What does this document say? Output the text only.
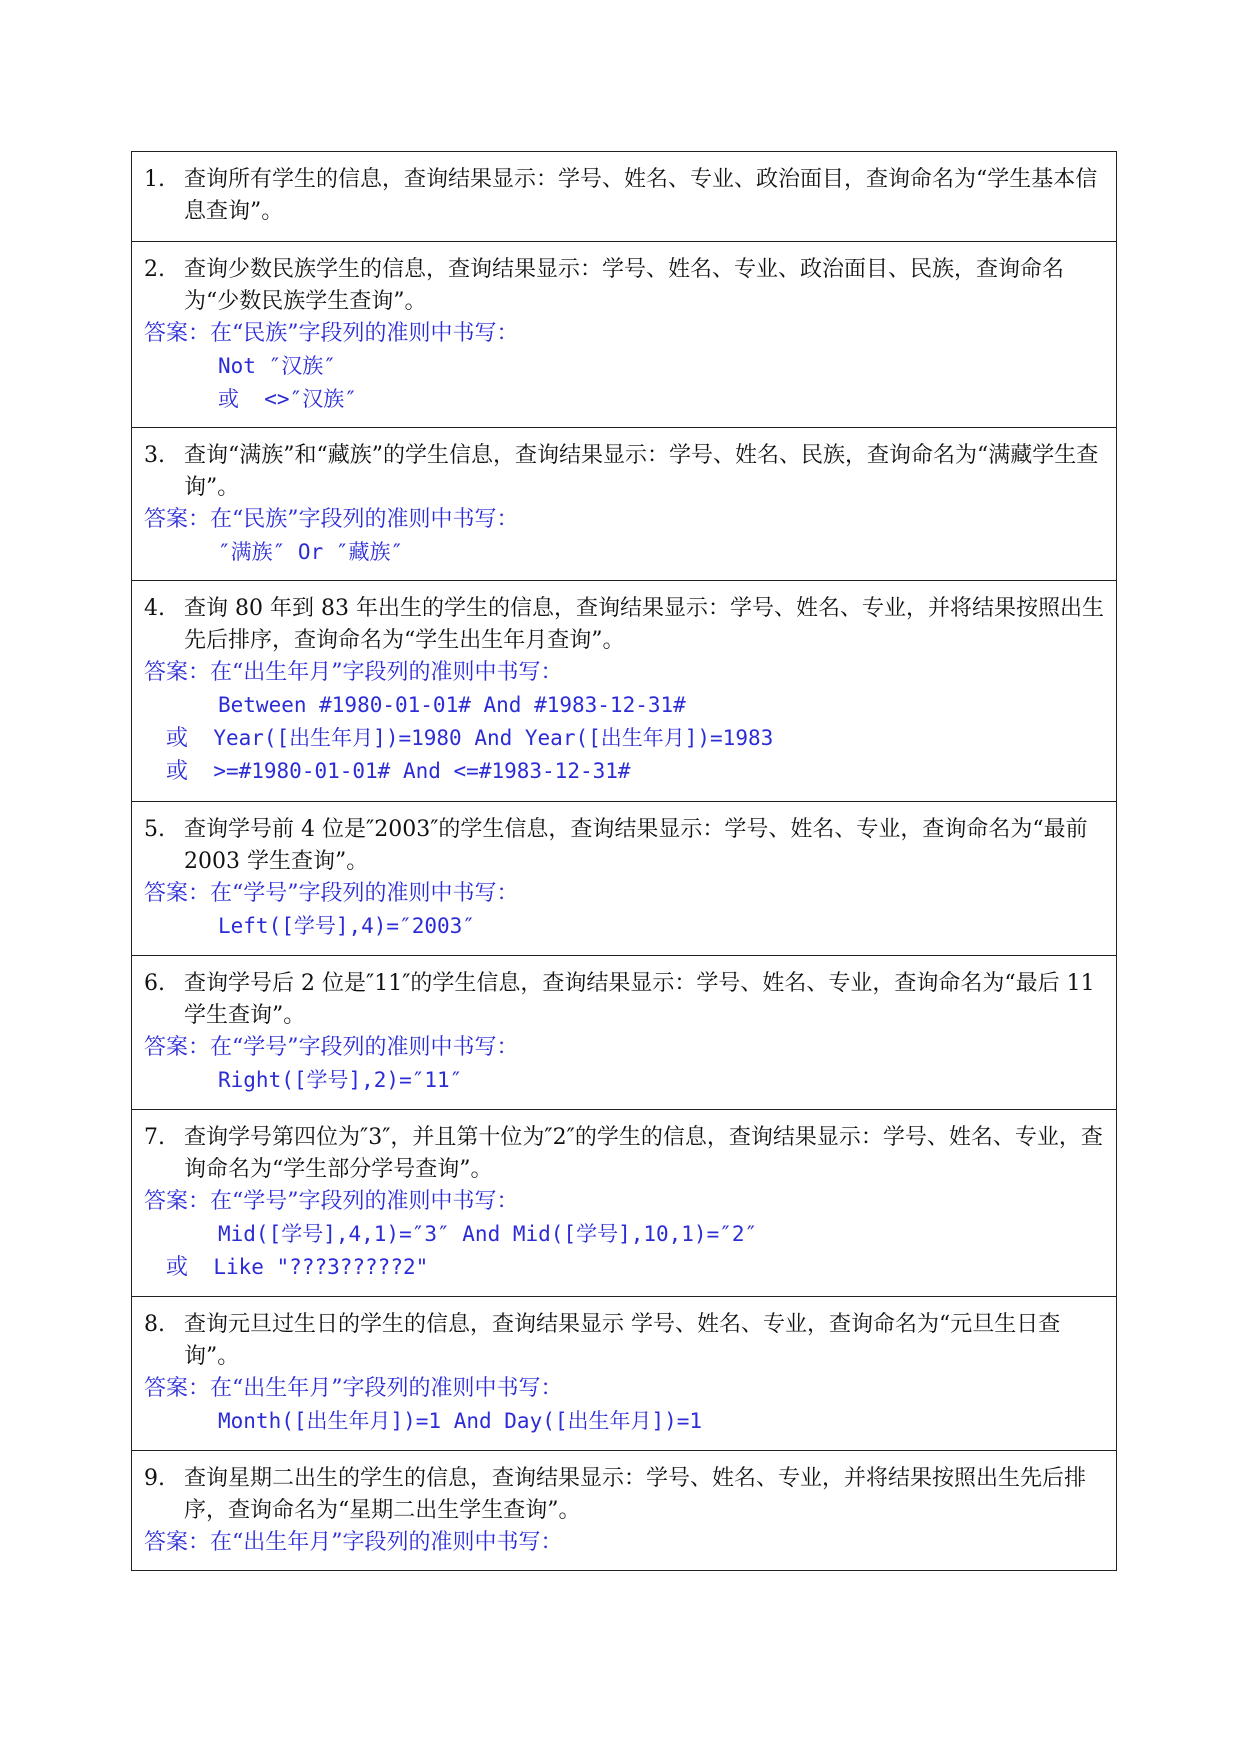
1. 查询所有学生的信息，查询结果显示：学号、姓名、专业、政治面目，查询命名为“学生基本信息查询”。
2. 查询少数民族学生的信息，查询结果显示：学号、姓名、专业、政治面目、民族，查询命名为“少数民族学生查询”。
答案：在“民族”字段列的准则中书写：
Not ″汉族″
或  <>″汉族″
3. 查询“满族”和“藏族”的学生信息，查询结果显示：学号、姓名、民族，查询命名为“满藏学生查询”。
答案：在“民族”字段列的准则中书写：
″满族″ Or ″藏族″
4. 查询 80 年到 83 年出生的学生的信息，查询结果显示：学号、姓名、专业，并将结果按照出生先后排序，查询命名为“学生出生年月查询”。
答案：在“出生年月”字段列的准则中书写：
Between #1980-01-01# And #1983-12-31#
或 Year([出生年月])=1980 And Year([出生年月])=1983
或 >=#1980-01-01# And <=#1983-12-31#
5. 查询学号前 4 位是″2003″的学生信息，查询结果显示：学号、姓名、专业，查询命名为“最前 2003 学生查询”。
答案：在“学号”字段列的准则中书写：
Left([学号],4)=″2003″
6. 查询学号后 2 位是″11″的学生信息，查询结果显示：学号、姓名、专业，查询命名为“最后 11 学生查询”。
答案：在“学号”字段列的准则中书写：
Right([学号],2)=″11″
7. 查询学号第四位为″3″，并且第十位为″2″的学生的信息，查询结果显示：学号、姓名、专业，查询命名为“学生部分学号查询”。
答案：在“学号”字段列的准则中书写：
Mid([学号],4,1)=″3″ And Mid([学号],10,1)=″2″
或 Like "???3?????2"
8. 查询元旦过生日的学生的信息，查询结果显示 学号、姓名、专业，查询命名为“元旦生日查询”。
答案：在“出生年月”字段列的准则中书写：
Month([出生年月])=1 And Day([出生年月])=1
9. 查询星期二出生的学生的信息，查询结果显示：学号、姓名、专业，并将结果按照出生先后排序，查询命名为“星期二出生学生查询”。
答案：在“出生年月”字段列的准则中书写：
